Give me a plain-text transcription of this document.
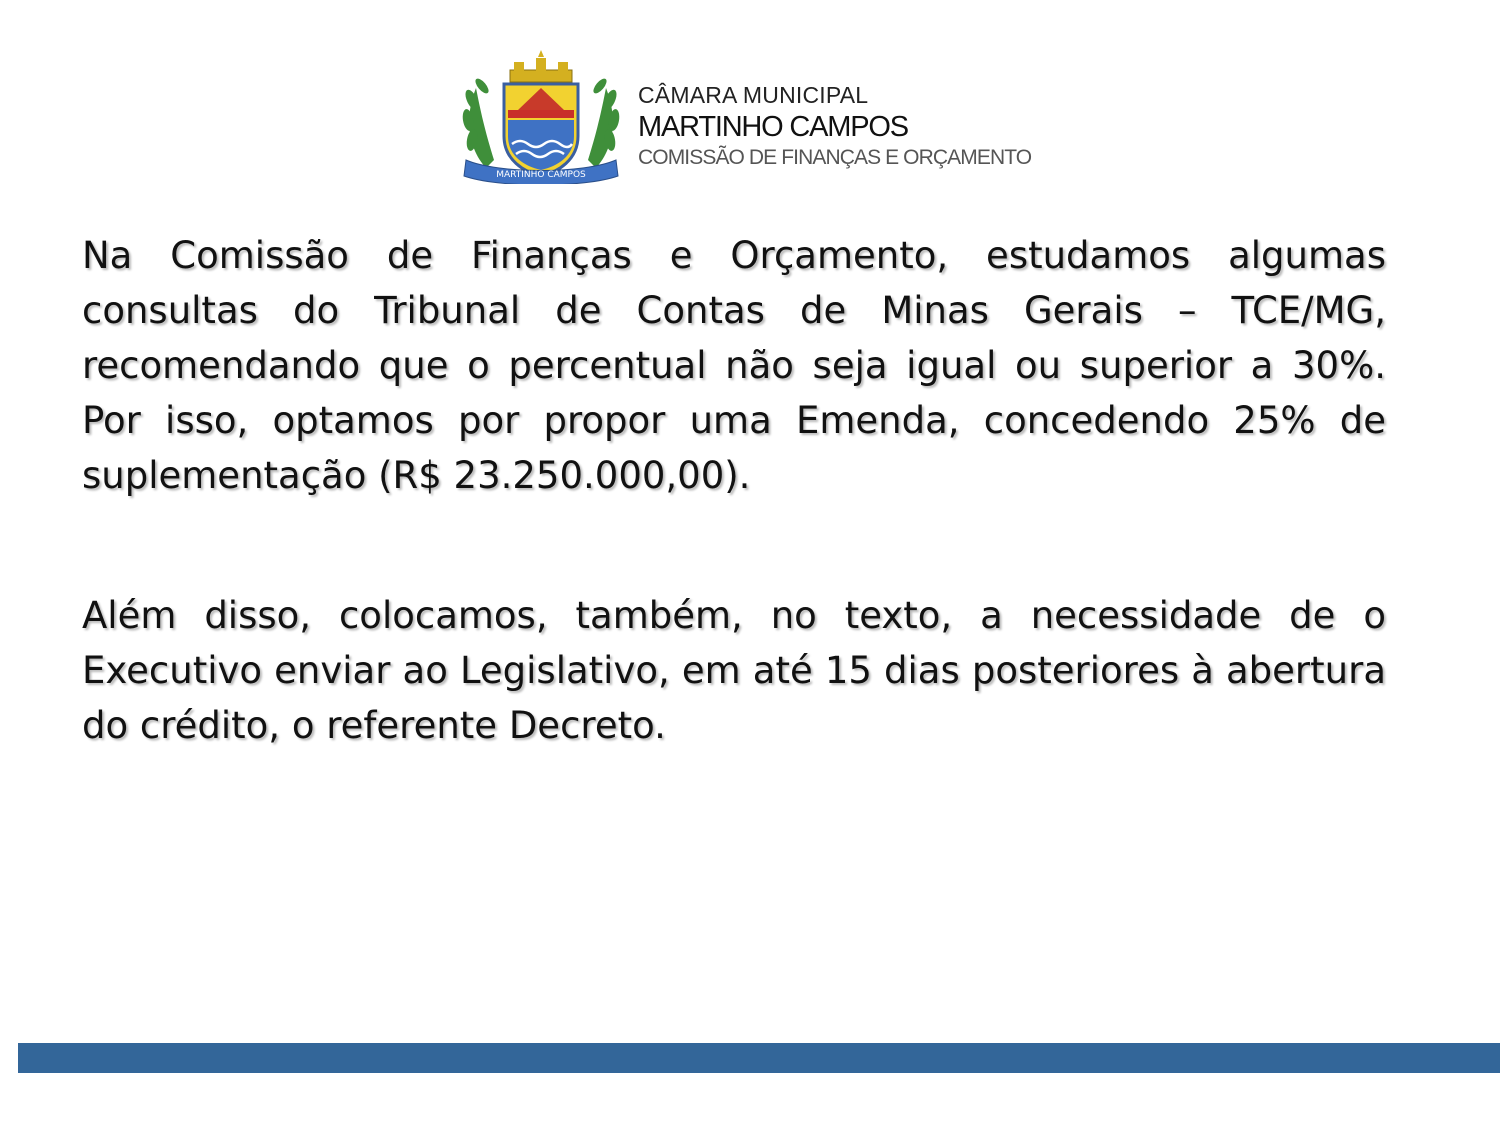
MARTINHO CAMPOS
CÂMARA MUNICIPAL
MARTINHO CAMPOS
COMISSÃO DE FINANÇAS E ORÇAMENTO

Na Comissão de Finanças e Orçamento, estudamos algumas consultas do Tribunal de Contas de Minas Gerais – TCE/MG, recomendando que o percentual não seja igual ou superior a 30%. Por isso, optamos por propor uma Emenda, concedendo 25% de suplementação (R$ 23.250.000,00).

Além disso, colocamos, também, no texto, a necessidade de o Executivo enviar ao Legislativo, em até 15 dias posteriores à abertura do crédito, o referente Decreto.
